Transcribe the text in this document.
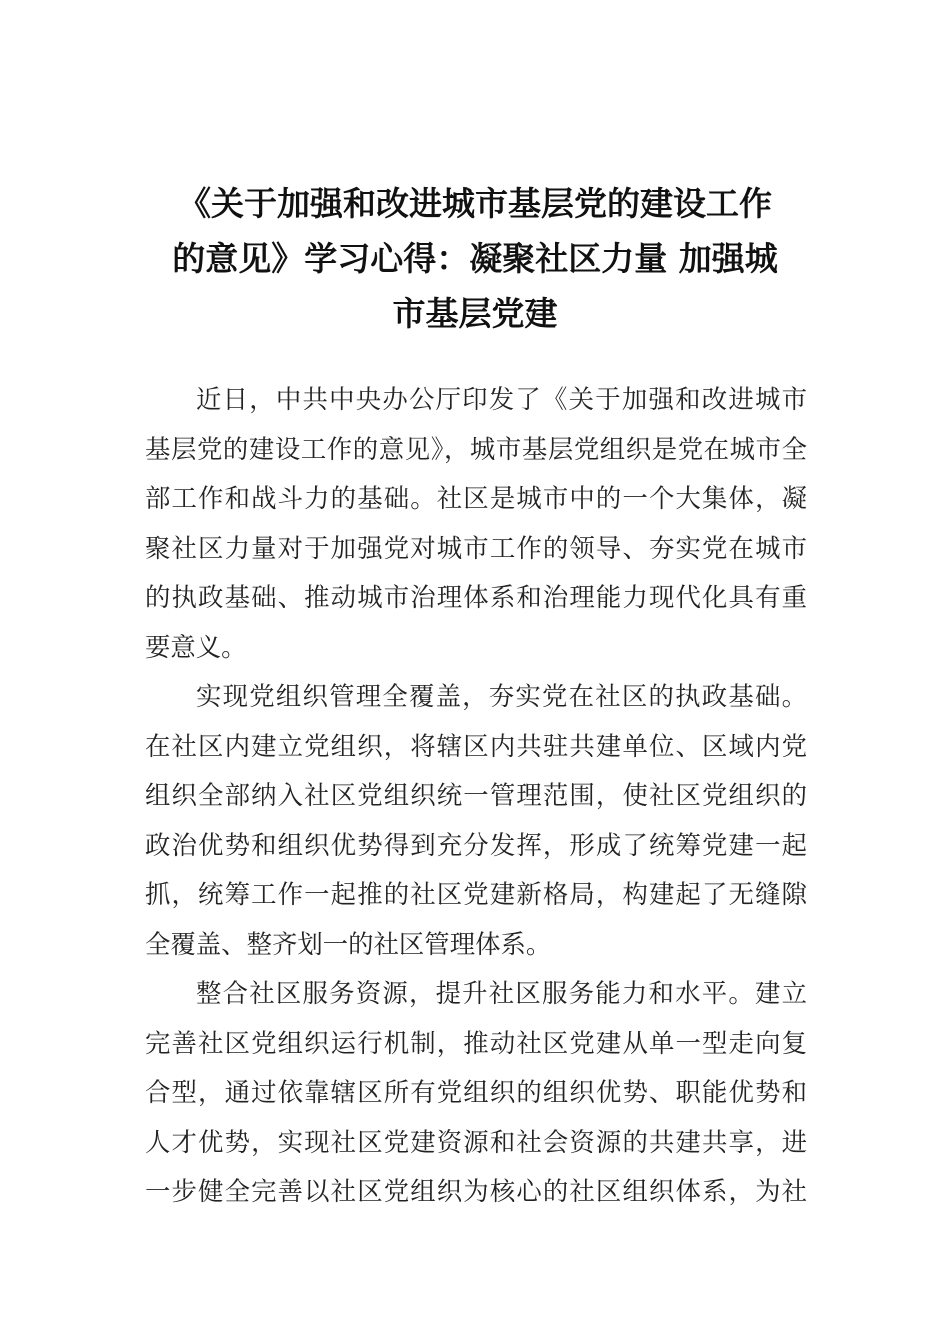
《关于加强和改进城市基层党的建设工作
的意见》学习心得：凝聚社区力量 加强城
市基层党建

近日，中共中央办公厅印发了《关于加强和改进城市
基层党的建设工作的意见》，城市基层党组织是党在城市全
部工作和战斗力的基础。社区是城市中的一个大集体，凝
聚社区力量对于加强党对城市工作的领导、夯实党在城市
的执政基础、推动城市治理体系和治理能力现代化具有重
要意义。

实现党组织管理全覆盖，夯实党在社区的执政基础。
在社区内建立党组织，将辖区内共驻共建单位、区域内党
组织全部纳入社区党组织统一管理范围，使社区党组织的
政治优势和组织优势得到充分发挥，形成了统筹党建一起
抓，统筹工作一起推的社区党建新格局，构建起了无缝隙
全覆盖、整齐划一的社区管理体系。

整合社区服务资源，提升社区服务能力和水平。建立
完善社区党组织运行机制，推动社区党建从单一型走向复
合型，通过依靠辖区所有党组织的组织优势、职能优势和
人才优势，实现社区党建资源和社会资源的共建共享，进
一步健全完善以社区党组织为核心的社区组织体系，为社
